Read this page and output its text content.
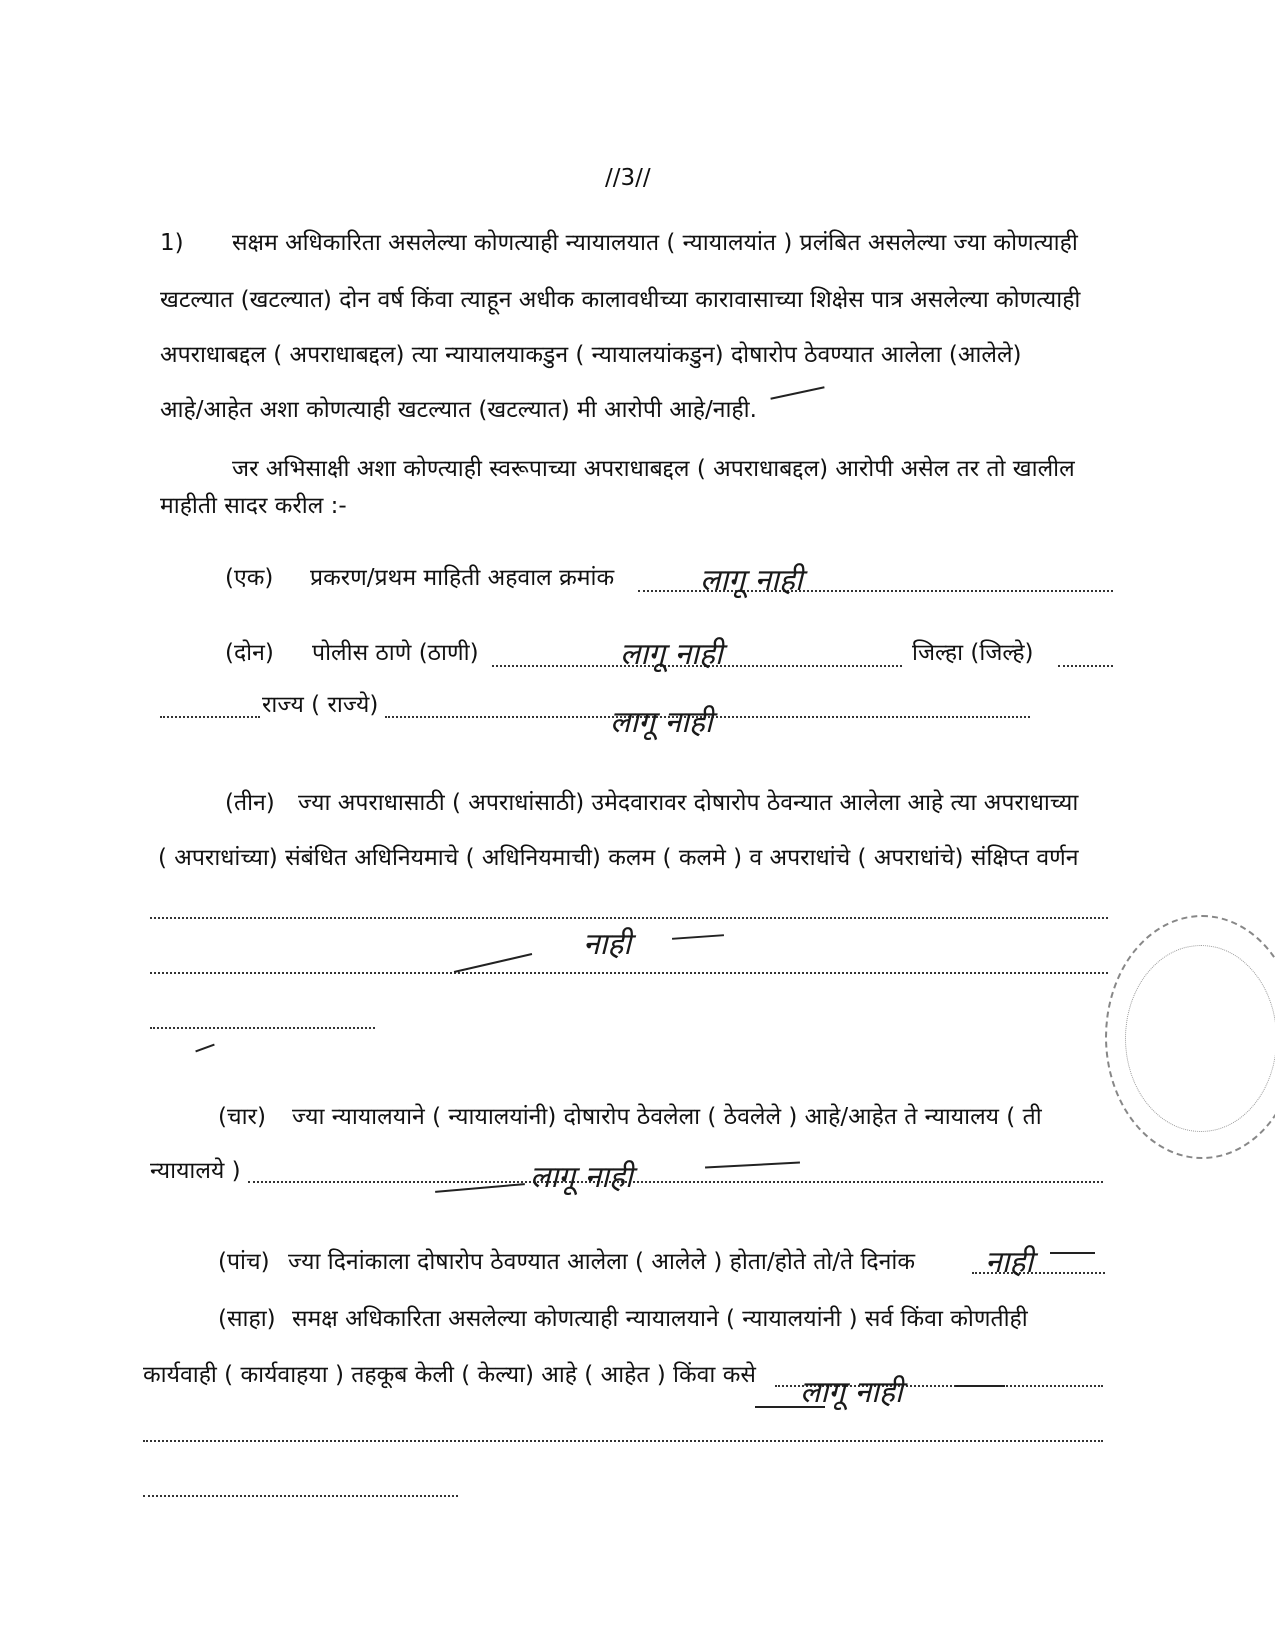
//3//
1) सक्षम अधिकारिता असलेल्या कोणत्याही न्यायालयात ( न्यायालयांत ) प्रलंबित असलेल्या ज्या कोणत्याही
खटल्यात (खटल्यात) दोन वर्ष किंवा त्याहून अधीक कालावधीच्या कारावासाच्या शिक्षेस पात्र असलेल्या कोणत्याही
अपराधाबद्दल ( अपराधाबद्दल) त्या न्यायालयाकडुन ( न्यायालयांकडुन) दोषारोप ठेवण्यात आलेला (आलेले)
आहे/आहेत अशा कोणत्याही खटल्यात (खटल्यात) मी आरोपी आहे/नाही.
जर अभिसाक्षी अशा कोण्त्याही स्वरूपाच्या अपराधाबद्दल ( अपराधाबद्दल) आरोपी असेल तर तो खालील
माहीती सादर करील :-
(एक) प्रकरण/प्रथम माहिती अहवाल क्रमांक	लागू नाही
(दोन) पोलीस ठाणे (ठाणी)	लागू नाही	जिल्हा (जिल्हे)
राज्य ( राज्ये)	लागू नाही
(तीन) ज्या अपराधासाठी ( अपराधांसाठी) उमेदवारावर दोषारोप ठेवन्यात आलेला आहे त्या अपराधाच्या
( अपराधांच्या) संबंधित अधिनियमाचे ( अधिनियमाची) कलम ( कलमे ) व अपराधांचे ( अपराधांचे) संक्षिप्त वर्णन
नाही
(चार) ज्या न्यायालयाने ( न्यायालयांनी) दोषारोप ठेवलेला ( ठेवलेले ) आहे/आहेत ते न्यायालय ( ती
न्यायालये )	लागू नाही
(पांच) ज्या दिनांकाला दोषारोप ठेवण्यात आलेला ( आलेले ) होता/होते तो/ते दिनांक नाही
(साहा) समक्ष अधिकारिता असलेल्या कोणत्याही न्यायालयाने ( न्यायालयांनी ) सर्व किंवा कोणतीही
कार्यवाही ( कार्यवाहया ) तहकूब केली ( केल्या) आहे ( आहेत ) किंवा कसे लागू नाही
